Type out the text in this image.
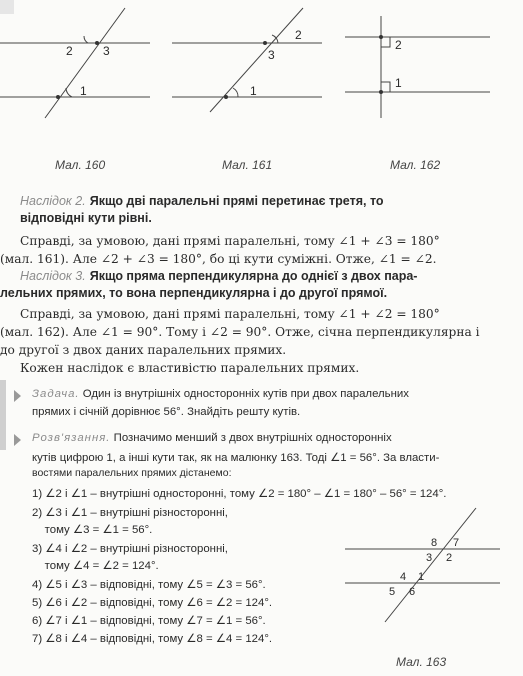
2	3
1
2
3
1
2
1
Мал. 160	Мал. 161	Мал. 162
Наслідок 2. Якщо дві паралельні прямі перетинає третя, то
відповідні кути рівні.
Справді, за умовою, дані прямі паралельні, тому ∠1 + ∠3 = 180°
(мал. 161). Але ∠2 + ∠3 = 180°, бо ці кути суміжні. Отже, ∠1 = ∠2.
Наслідок 3. Якщо пряма перпендикулярна до однієї з двох пара-
лельних прямих, то вона перпендикулярна і до другої прямої.
Справді, за умовою, дані прямі паралельні, тому ∠1 + ∠2 = 180°
(мал. 162). Але ∠1 = 90°. Тому і ∠2 = 90°. Отже, січна перпендикулярна і
до другої з двох даних паралельних прямих.
Кожен наслідок є властивістю паралельних прямих.
Задача. Один із внутрішніх односторонніх кутів при двох паралельних
прямих і січній дорівнює 56°. Знайдіть решту кутів.
Розв'язання. Позначимо менший з двох внутрішніх односторонніх
кутів цифрою 1, а інші кути так, як на малюнку 163. Тоді ∠1 = 56°. За власти-
востями паралельних прямих дістанемо:
1) ∠2 і ∠1 – внутрішні односторонні, тому ∠2 = 180° – ∠1 = 180° – 56° = 124°.
2) ∠3 і ∠1 – внутрішні різносторонні,
тому ∠3 = ∠1 = 56°.
3) ∠4 і ∠2 – внутрішні різносторонні,
тому ∠4 = ∠2 = 124°.
4) ∠5 і ∠3 – відповідні, тому ∠5 = ∠3 = 56°.
5) ∠6 і ∠2 – відповідні, тому ∠6 = ∠2 = 124°.
6) ∠7 і ∠1 – відповідні, тому ∠7 = ∠1 = 56°.
7) ∠8 і ∠4 – відповідні, тому ∠8 = ∠4 = 124°.
8 7
3 2
4 1
5 6
Мал. 163
